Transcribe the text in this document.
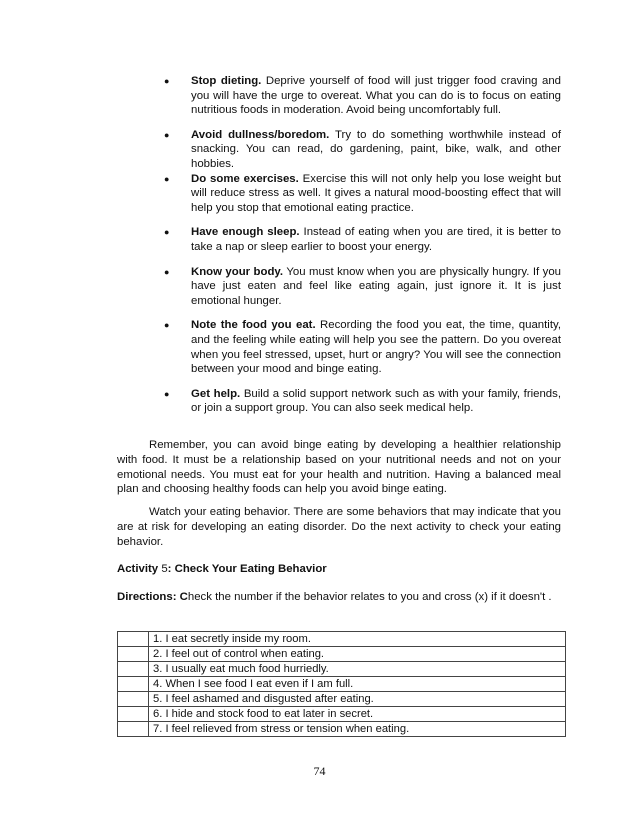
●	Stop dieting. Deprive yourself of food will just trigger food craving and you will have the urge to overeat. What you can do is to focus on eating nutritious foods in moderation. Avoid being uncomfortably full.
●	Avoid dullness/boredom. Try to do something worthwhile instead of snacking. You can read, do gardening, paint, bike, walk, and other hobbies.
●	Do some exercises. Exercise this will not only help you lose weight but will reduce stress as well. It gives a natural mood-boosting effect that will help you stop that emotional eating practice.
●	Have enough sleep. Instead of eating when you are tired, it is better to take a nap or sleep earlier to boost your energy.
●	Know your body. You must know when you are physically hungry. If you have just eaten and feel like eating again, just ignore it. It is just emotional hunger.
●	Note the food you eat. Recording the food you eat, the time, quantity, and the feeling while eating will help you see the pattern. Do you overeat when you feel stressed, upset, hurt or angry? You will see the connection between your mood and binge eating.
●	Get help. Build a solid support network such as with your family, friends, or join a support group. You can also seek medical help.

Remember, you can avoid binge eating by developing a healthier relationship with food. It must be a relationship based on your nutritional needs and not on your emotional needs. You must eat for your health and nutrition. Having a balanced meal plan and choosing healthy foods can help you avoid binge eating.

Watch your eating behavior. There are some behaviors that may indicate that you are at risk for developing an eating disorder. Do the next activity to check your eating behavior.

Activity 5: Check Your Eating Behavior

Directions: Check the number if the behavior relates to you and cross (x) if it doesn't .

	1. I eat secretly inside my room.
	2. I feel out of control when eating.
	3. I usually eat much food hurriedly.
	4. When I see food I eat even if I am full.
	5. I feel ashamed and disgusted after eating.
	6. I hide and stock food to eat later in secret.
	7. I feel relieved from stress or tension when eating.
74
